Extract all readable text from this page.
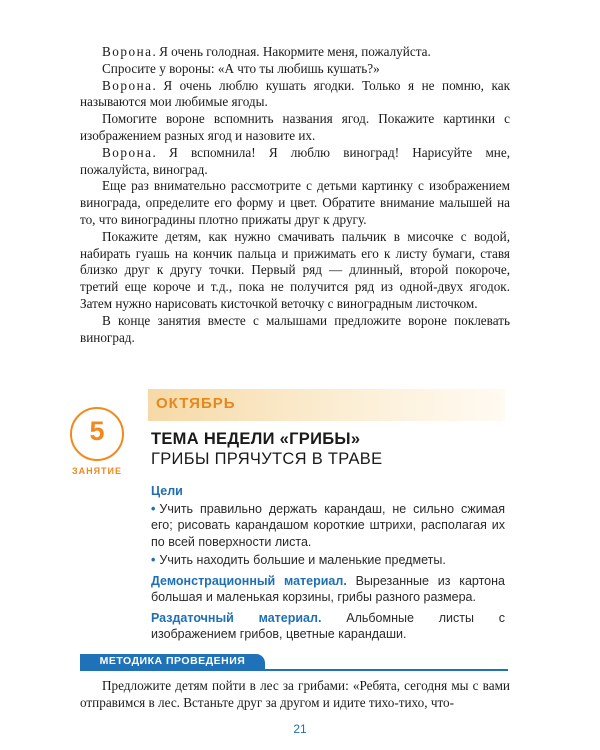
Ворона. Я очень голодная. Накормите меня, пожалуйста.

Спросите у вороны: «А что ты любишь кушать?»

Ворона. Я очень люблю кушать ягодки. Только я не помню, как называются мои любимые ягоды.

Помогите вороне вспомнить названия ягод. Покажите картинки с изображением разных ягод и назовите их.

Ворона. Я вспомнила! Я люблю виноград! Нарисуйте мне, пожалуйста, виноград.

Еще раз внимательно рассмотрите с детьми картинку с изображением винограда, определите его форму и цвет. Обратите внимание малышей на то, что виноградины плотно прижаты друг к другу.

Покажите детям, как нужно смачивать пальчик в мисочке с водой, набирать гуашь на кончик пальца и прижимать его к листу бумаги, ставя близко друг к другу точки. Первый ряд — длинный, второй покороче, третий еще короче и т.д., пока не получится ряд из одной-двух ягодок. Затем нужно нарисовать кисточкой веточку с виноградным листочком.

В конце занятия вместе с малышами предложите вороне поклевать виноград.

ОКТЯБРЬ
5
ЗАНЯТИЕ
ТЕМА НЕДЕЛИ «ГРИБЫ»
ГРИБЫ ПРЯЧУТСЯ В ТРАВЕ

Цели

• Учить правильно держать карандаш, не сильно сжимая его; рисовать карандашом короткие штрихи, располагая их по всей поверхности листа.

• Учить находить большие и маленькие предметы.

Демонстрационный материал. Вырезанные из картона большая и маленькая корзины, грибы разного размера.

Раздаточный материал. Альбомные листы с изображением грибов, цветные карандаши.

МЕТОДИКА ПРОВЕДЕНИЯ

Предложите детям пойти в лес за грибами: «Ребята, сегодня мы с вами отправимся в лес. Встаньте друг за другом и идите тихо-тихо, что-

21
